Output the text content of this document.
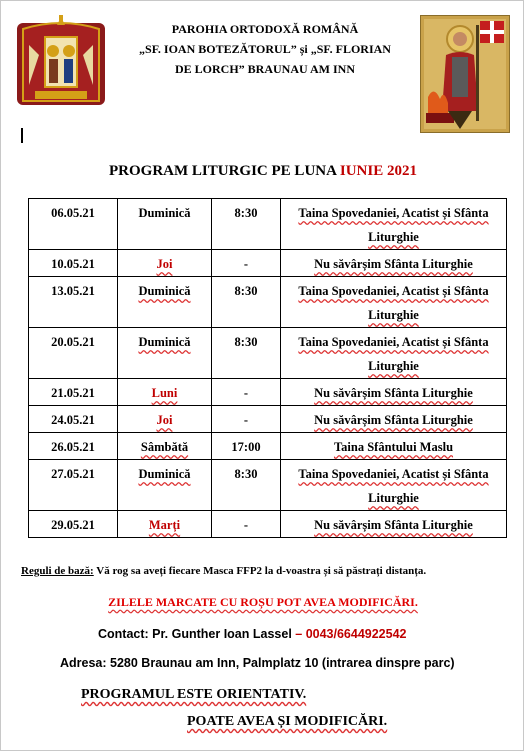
PAROHIA ORTODOXĂ ROMÂNĂ
„SF. IOAN BOTEZĂTORUL” și „SF. FLORIAN
DE LORCH” BRAUNAU AM INN
PROGRAM LITURGIC PE LUNA IUNIE 2021
06.05.21	Duminică	8:30	Taina Spovedaniei, Acatist și Sfânta Liturghie
10.05.21	Joi	-	Nu săvârșim Sfânta Liturghie
13.05.21	Duminică	8:30	Taina Spovedaniei, Acatist și Sfânta Liturghie
20.05.21	Duminică	8:30	Taina Spovedaniei, Acatist și Sfânta Liturghie
21.05.21	Luni	-	Nu săvârșim Sfânta Liturghie
24.05.21	Joi	-	Nu săvârșim Sfânta Liturghie
26.05.21	Sâmbătă	17:00	Taina Sfântului Maslu
27.05.21	Duminică	8:30	Taina Spovedaniei, Acatist și Sfânta Liturghie
29.05.21	Marți	-	Nu săvârșim Sfânta Liturghie
Reguli de bază: Vă rog sa aveți fiecare Masca FFP2 la d-voastra și să păstrați distanța.
ZILELE MARCATE CU ROȘU POT AVEA MODIFICĂRI.
Contact: Pr. Gunther Ioan Lassel – 0043/6644922542
Adresa: 5280 Braunau am Inn, Palmplatz 10 (intrarea dinspre parc)
PROGRAMUL ESTE ORIENTATIV.
POATE AVEA ȘI MODIFICĂRI.
